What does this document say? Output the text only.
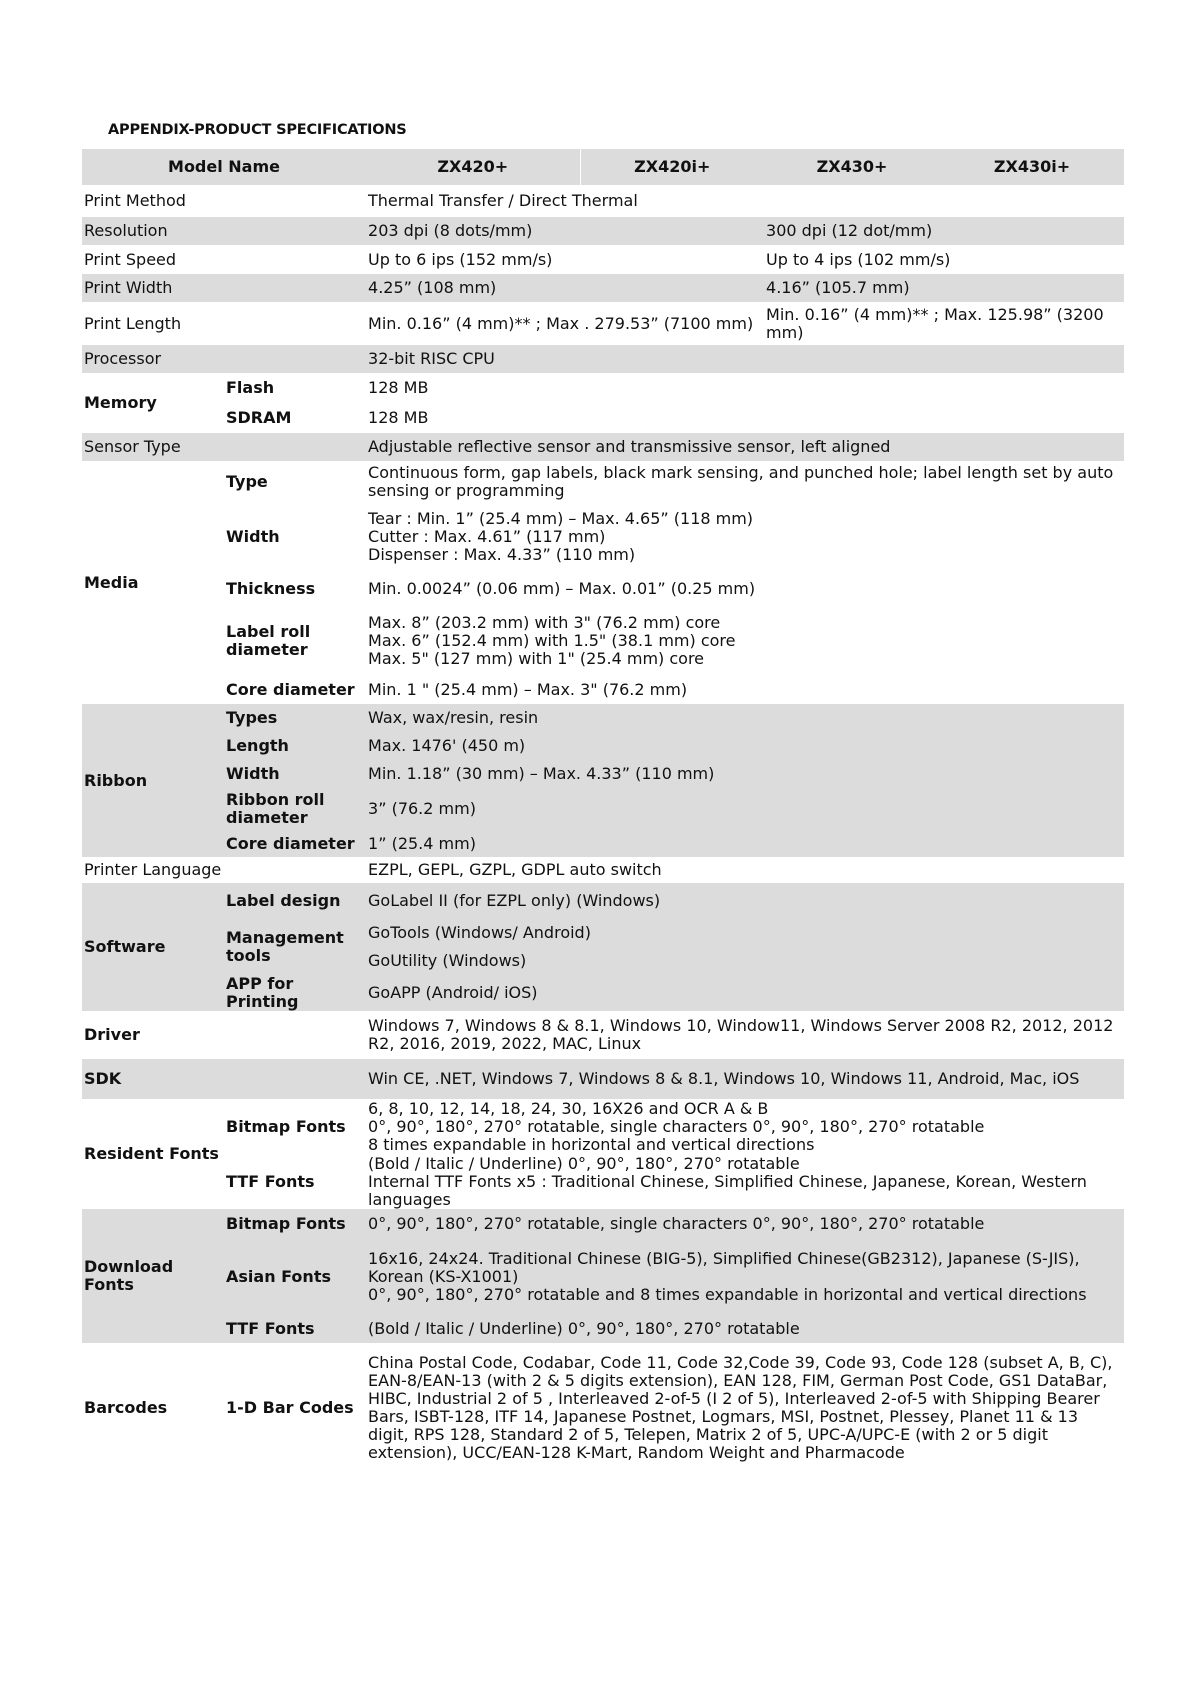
APPENDIX-PRODUCT SPECIFICATIONS
Model Name		ZX420+	ZX420i+	ZX430+	ZX430i+
Print Method		Thermal Transfer / Direct Thermal			
Resolution		203 dpi (8 dots/mm)		300 dpi (12 dot/mm)	
Print Speed		Up to 6 ips (152 mm/s)		Up to 4 ips (102 mm/s)	
Print Width		4.25” (108 mm)		4.16” (105.7 mm)	
Print Length		Min. 0.16” (4 mm)** ; Max . 279.53” (7100 mm)		Min. 0.16” (4 mm)** ; Max. 125.98” (3200 mm)	
Processor		32-bit RISC CPU			
Memory	Flash	128 MB			
	SDRAM	128 MB			
Sensor Type		Adjustable reflective sensor and transmissive sensor, left aligned			
Media	Type	Continuous form, gap labels, black mark sensing, and punched hole; label length set by auto sensing or programming			
	Width	Tear : Min. 1” (25.4 mm) – Max. 4.65” (118 mm)
Cutter : Max. 4.61” (117 mm)
Dispenser : Max. 4.33” (110 mm)			
	Thickness	Min. 0.0024” (0.06 mm) – Max. 0.01” (0.25 mm)			
	Label roll diameter	Max. 8” (203.2 mm) with 3" (76.2 mm) core
Max. 6” (152.4 mm) with 1.5" (38.1 mm) core
Max. 5" (127 mm) with 1" (25.4 mm) core			
	Core diameter	Min. 1 " (25.4 mm) – Max. 3" (76.2 mm)			
Ribbon	Types	Wax, wax/resin, resin			
	Length	Max. 1476' (450 m)			
	Width	Min. 1.18” (30 mm) – Max. 4.33” (110 mm)			
	Ribbon roll diameter	3” (76.2 mm)			
	Core diameter	1” (25.4 mm)			
Printer Language		EZPL, GEPL, GZPL, GDPL auto switch			
Software	Label design	GoLabel II (for EZPL only) (Windows)			
	Management tools	GoTools (Windows/ Android)			
		GoUtility (Windows)			
	APP for Printing	GoAPP (Android/ iOS)			
Driver		Windows 7, Windows 8 & 8.1, Windows 10, Window11, Windows Server 2008 R2, 2012, 2012 R2, 2016, 2019, 2022, MAC, Linux			
SDK		Win CE, .NET, Windows 7, Windows 8 & 8.1, Windows 10, Windows 11, Android, Mac, iOS			
Resident Fonts	Bitmap Fonts	6, 8, 10, 12, 14, 18, 24, 30, 16X26 and OCR A & B
0°, 90°, 180°, 270° rotatable, single characters 0°, 90°, 180°, 270° rotatable
8 times expandable in horizontal and vertical directions			
	TTF Fonts	(Bold / Italic / Underline) 0°, 90°, 180°, 270° rotatable
Internal TTF Fonts x5 : Traditional Chinese, Simplified Chinese, Japanese, Korean, Western languages			
Download Fonts	Bitmap Fonts	0°, 90°, 180°, 270° rotatable, single characters 0°, 90°, 180°, 270° rotatable			
	Asian Fonts	16x16, 24x24. Traditional Chinese (BIG-5), Simplified Chinese(GB2312), Japanese (S-JIS), Korean (KS-X1001)
0°, 90°, 180°, 270° rotatable and 8 times expandable in horizontal and vertical directions			
	TTF Fonts	(Bold / Italic / Underline) 0°, 90°, 180°, 270° rotatable			
Barcodes	1-D Bar Codes	China Postal Code, Codabar, Code 11, Code 32,Code 39, Code 93, Code 128 (subset A, B, C), EAN-8/EAN-13 (with 2 & 5 digits extension), EAN 128, FIM, German Post Code, GS1 DataBar, HIBC, Industrial 2 of 5 , Interleaved 2-of-5 (I 2 of 5), Interleaved 2-of-5 with Shipping Bearer Bars, ISBT-128, ITF 14, Japanese Postnet, Logmars, MSI, Postnet, Plessey, Planet 11 & 13 digit, RPS 128, Standard 2 of 5, Telepen, Matrix 2 of 5, UPC-A/UPC-E (with 2 or 5 digit extension), UCC/EAN-128 K-Mart, Random Weight and Pharmacode			
